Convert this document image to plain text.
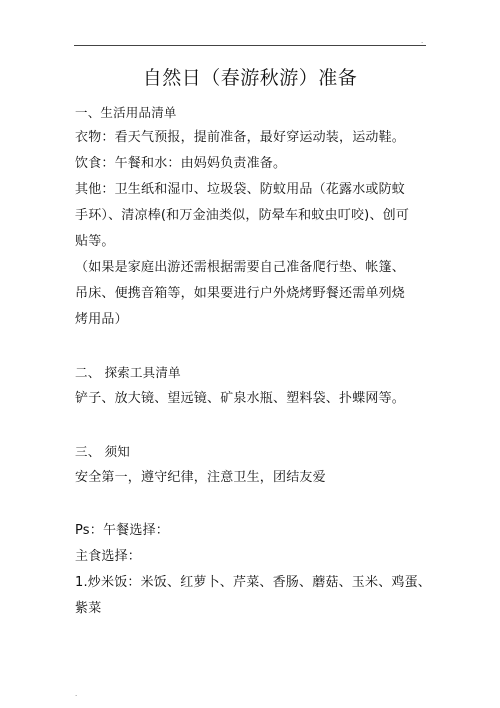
.
自然日（春游秋游）准备
一、生活用品清单
衣物：看天气预报，提前准备，最好穿运动装，运动鞋。
饮食：午餐和水：由妈妈负责准备。
其他：卫生纸和湿巾、垃圾袋、防蚊用品（花露水或防蚊
手环）、清凉棒(和万金油类似，防晕车和蚊虫叮咬)、创可
贴等。
（如果是家庭出游还需根据需要自己准备爬行垫、帐篷、
吊床、便携音箱等，如果要进行户外烧烤野餐还需单列烧
烤用品）
二、 探索工具清单
铲子、放大镜、望远镜、矿泉水瓶、塑料袋、扑蝶网等。
三、 须知
安全第一，遵守纪律，注意卫生，团结友爱
Ps：午餐选择：
主食选择：
1.炒米饭：米饭、红萝卜、芹菜、香肠、蘑菇、玉米、鸡蛋、
紫菜
.
